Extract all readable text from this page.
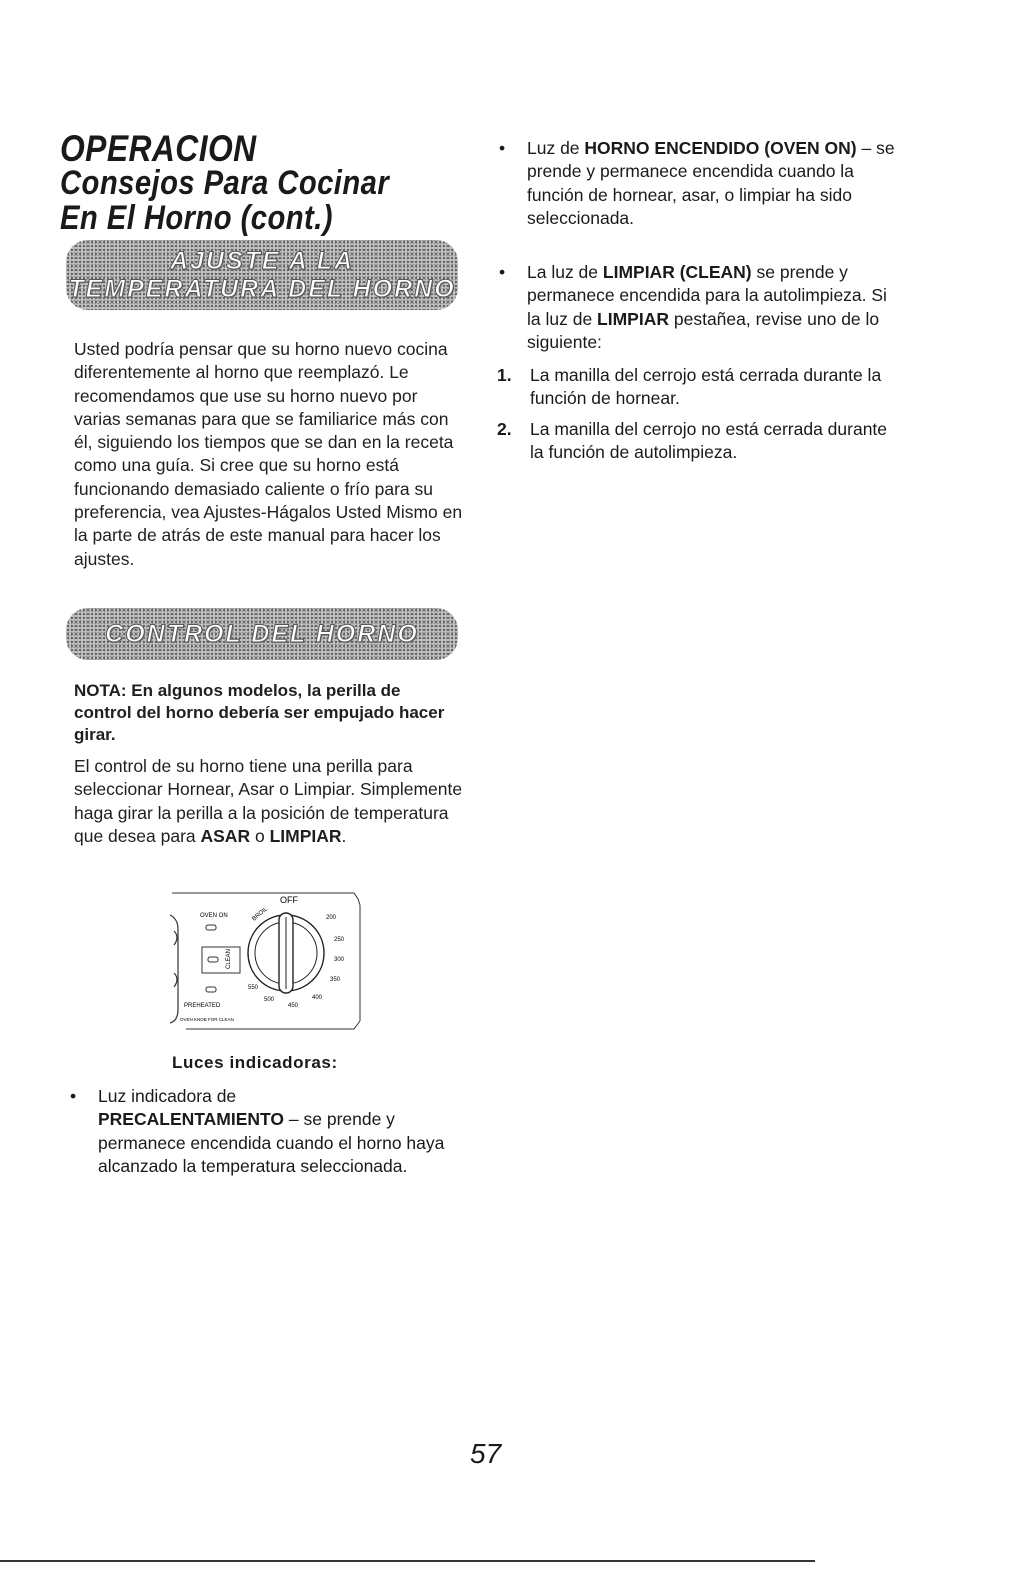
OPERACION
Consejos Para Cocinar
En El Horno (cont.)
AJUSTE A LA
TEMPERATURA DEL HORNO

Usted podría pensar que su horno nuevo cocina diferentemente al horno que reemplazó. Le recomendamos que use su horno nuevo por varias semanas para que se familiarice más con él, siguiendo los tiempos que se dan en la receta como una guía. Si cree que su horno está funcionando demasiado caliente o frío para su preferencia, vea Ajustes-Hágalos Usted Mismo en la parte de atrás de este manual para hacer los ajustes.

CONTROL DEL HORNO

NOTA: En algunos modelos, la perilla de control del horno debería ser empujado hacer girar.

El control de su horno tiene una perilla para seleccionar Hornear, Asar o Limpiar. Simplemente haga girar la perilla a la posición de temperatura que desea para ASAR o LIMPIAR.

OVEN ON
CLEAN
PREHEATED
OFF
BROIL	200
250
300
350
400
450
500
550
OVEN KNOB FOR CLEAN
Luces indicadoras:
• Luz indicadora de
PRECALENTAMIENTO – se prende y permanece encendida cuando el horno haya alcanzado la temperatura seleccionada.
• Luz de HORNO ENCENDIDO (OVEN ON) – se prende y permanece encendida cuando la función de hornear, asar, o limpiar ha sido seleccionada.
• La luz de LIMPIAR (CLEAN) se prende y permanece encendida para la autolimpieza. Si la luz de LIMPIAR pestañea, revise uno de lo siguiente:
1. La manilla del cerrojo está cerrada durante la función de hornear.
2. La manilla del cerrojo no está cerrada durante la función de autolimpieza.
57
